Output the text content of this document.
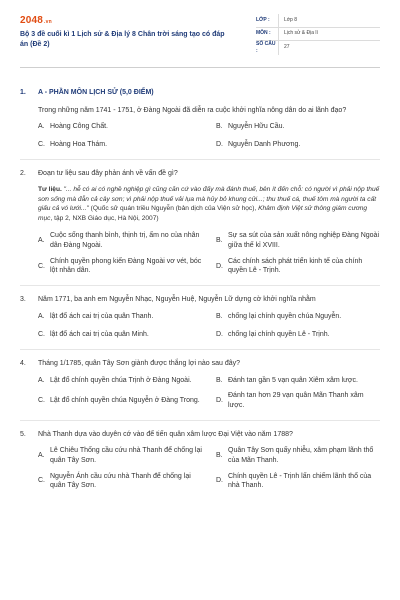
2048.vn
Bộ 3 đề cuối kì 1 Lịch sử & Địa lý 8 Chân trời sáng tạo có đáp án (Đề 2)
LỚP :	Lớp 8
MÔN :	Lịch sử & Địa lí
SỐ CÂU :
27
1.	A - PHẦN MÔN LỊCH SỬ (5,0 ĐIỂM)
Trong những năm 1741 - 1751, ở Đàng Ngoài đã diễn ra cuộc khởi nghĩa nông dân do ai lãnh đạo?
A. Hoàng Công Chất.	B. Nguyễn Hữu Cầu.
C. Hoàng Hoa Thám.	D. Nguyễn Danh Phương.
2.	Đoạn tư liệu sau đây phản ánh về vấn đề gì?
Tư liệu. "... hễ có ai có nghề nghiệp gì cũng căn cứ vào đấy mà đánh thuế, bên ít đến chỗ: có người vì phải nộp thuế sơn sống mà đẵn cả cây sơn; vì phải nộp thuế vải lụa mà hủy bỏ khung cửi...; thu thuế cá, thuế tôm mà người ta cất giấu cả vó lưới..." (Quốc sử quán triều Nguyễn (bản dịch của Viện sử học), Khâm định Việt sử thông giám cương mục, tập 2, NXB Giáo dục, Hà Nội, 2007)
A.
Cuộc sống thanh bình, thịnh trị, ấm no của nhân dân Đàng Ngoài.
B.
Sự sa sút của sản xuất nông nghiệp Đàng Ngoài giữa thế kỉ XVIII.
C.
Chính quyền phong kiến Đàng Ngoài vơ vét, bóc lột nhân dân.
D.
Các chính sách phát triển kinh tế của chính quyền Lê - Trịnh.
3.	Năm 1771, ba anh em Nguyễn Nhạc, Nguyễn Huệ, Nguyễn Lữ dựng cờ khởi nghĩa nhằm
A. lật đổ ách cai trị của quân Thanh.	B. chống lại chính quyền chúa Nguyễn.
C. lật đổ ách cai trị của quân Minh.	D. chống lại chính quyền Lê - Trịnh.
4.	Tháng 1/1785, quân Tây Sơn giành được thắng lợi nào sau đây?
A. Lật đổ chính quyền chúa Trịnh ở Đàng Ngoài.	B. Đánh tan gần 5 vạn quân Xiêm xâm lược.
C. Lật đổ chính quyền chúa Nguyễn ở Đàng Trong.	D.
Đánh tan hơn 29 vạn quân Mãn Thanh xâm lược.
5.	Nhà Thanh dựa vào duyên cớ vào để tiến quân xâm lược Đại Việt vào năm 1788?
A.
Lê Chiêu Thống cầu cứu nhà Thanh để chống lại quân Tây Sơn.
B.
Quân Tây Sơn quấy nhiễu, xâm phạm lãnh thổ của Mãn Thanh.
C.
Nguyễn Ánh cầu cứu nhà Thanh để chống lại quân Tây Sơn.
D.
Chính quyền Lê - Trịnh lấn chiếm lãnh thổ của nhà Thanh.
